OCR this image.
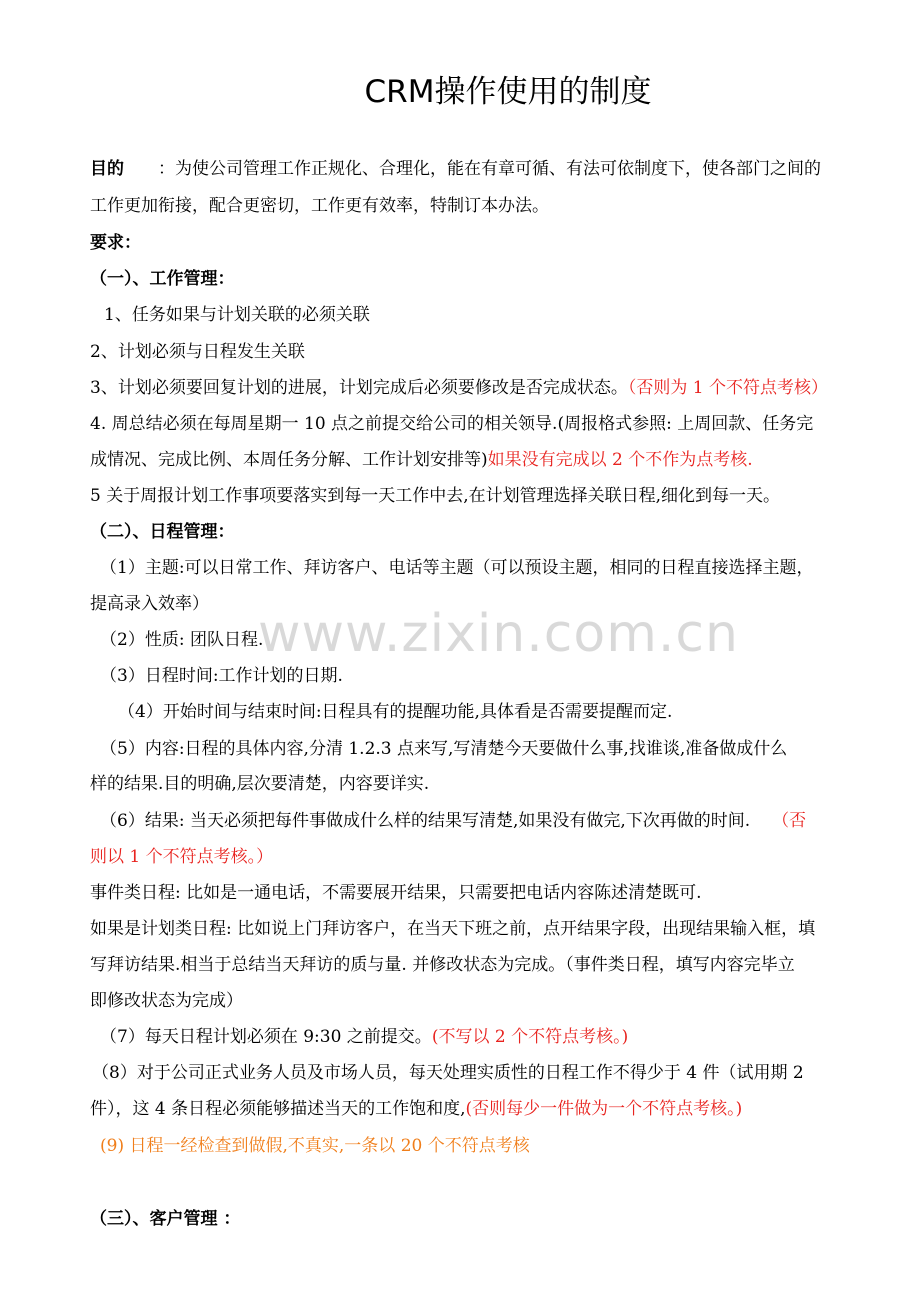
CRM操作使用的制度
目的 ：为使公司管理工作正规化、合理化，能在有章可循、有法可依制度下，使各部门之间的
工作更加衔接，配合更密切，工作更有效率，特制订本办法。
要求：
（一）、工作管理：
1、任务如果与计划关联的必须关联
2、计划必须与日程发生关联
3、计划必须要回复计划的进展，计划完成后必须要修改是否完成状态。（否则为 1 个不符点考核）
4. 周总结必须在每周星期一 10 点之前提交给公司的相关领导.(周报格式参照: 上周回款、任务完
成情况、完成比例、本周任务分解、工作计划安排等)如果没有完成以 2 个不作为点考核.
5 关于周报计划工作事项要落实到每一天工作中去,在计划管理选择关联日程,细化到每一天。
（二）、日程管理：
（1）主题:可以日常工作、拜访客户、电话等主题（可以预设主题，相同的日程直接选择主题，
提高录入效率）
（2）性质: 团队日程.
（3）日程时间:工作计划的日期.
（4）开始时间与结束时间:日程具有的提醒功能,具体看是否需要提醒而定.
（5）内容:日程的具体内容,分清 1.2.3 点来写,写清楚今天要做什么事,找谁谈,准备做成什么
样的结果.目的明确,层次要清楚，内容要详实.
（6）结果: 当天必须把每件事做成什么样的结果写清楚,如果没有做完,下次再做的时间. （否
则以 1 个不符点考核。）
事件类日程: 比如是一通电话，不需要展开结果，只需要把电话内容陈述清楚既可.
如果是计划类日程: 比如说上门拜访客户，在当天下班之前，点开结果字段，出现结果输入框，填
写拜访结果.相当于总结当天拜访的质与量. 并修改状态为完成。（事件类日程，填写内容完毕立
即修改状态为完成）
（7）每天日程计划必须在 9:30 之前提交。(不写以 2 个不符点考核。)
（8）对于公司正式业务人员及市场人员，每天处理实质性的日程工作不得少于 4 件（试用期 2
件），这 4 条日程必须能够描述当天的工作饱和度,(否则每少一件做为一个不符点考核。)
(9) 日程一经检查到做假,不真实,一条以 20 个不符点考核
（三）、客户管理 ：
www.zixin.com.cn
